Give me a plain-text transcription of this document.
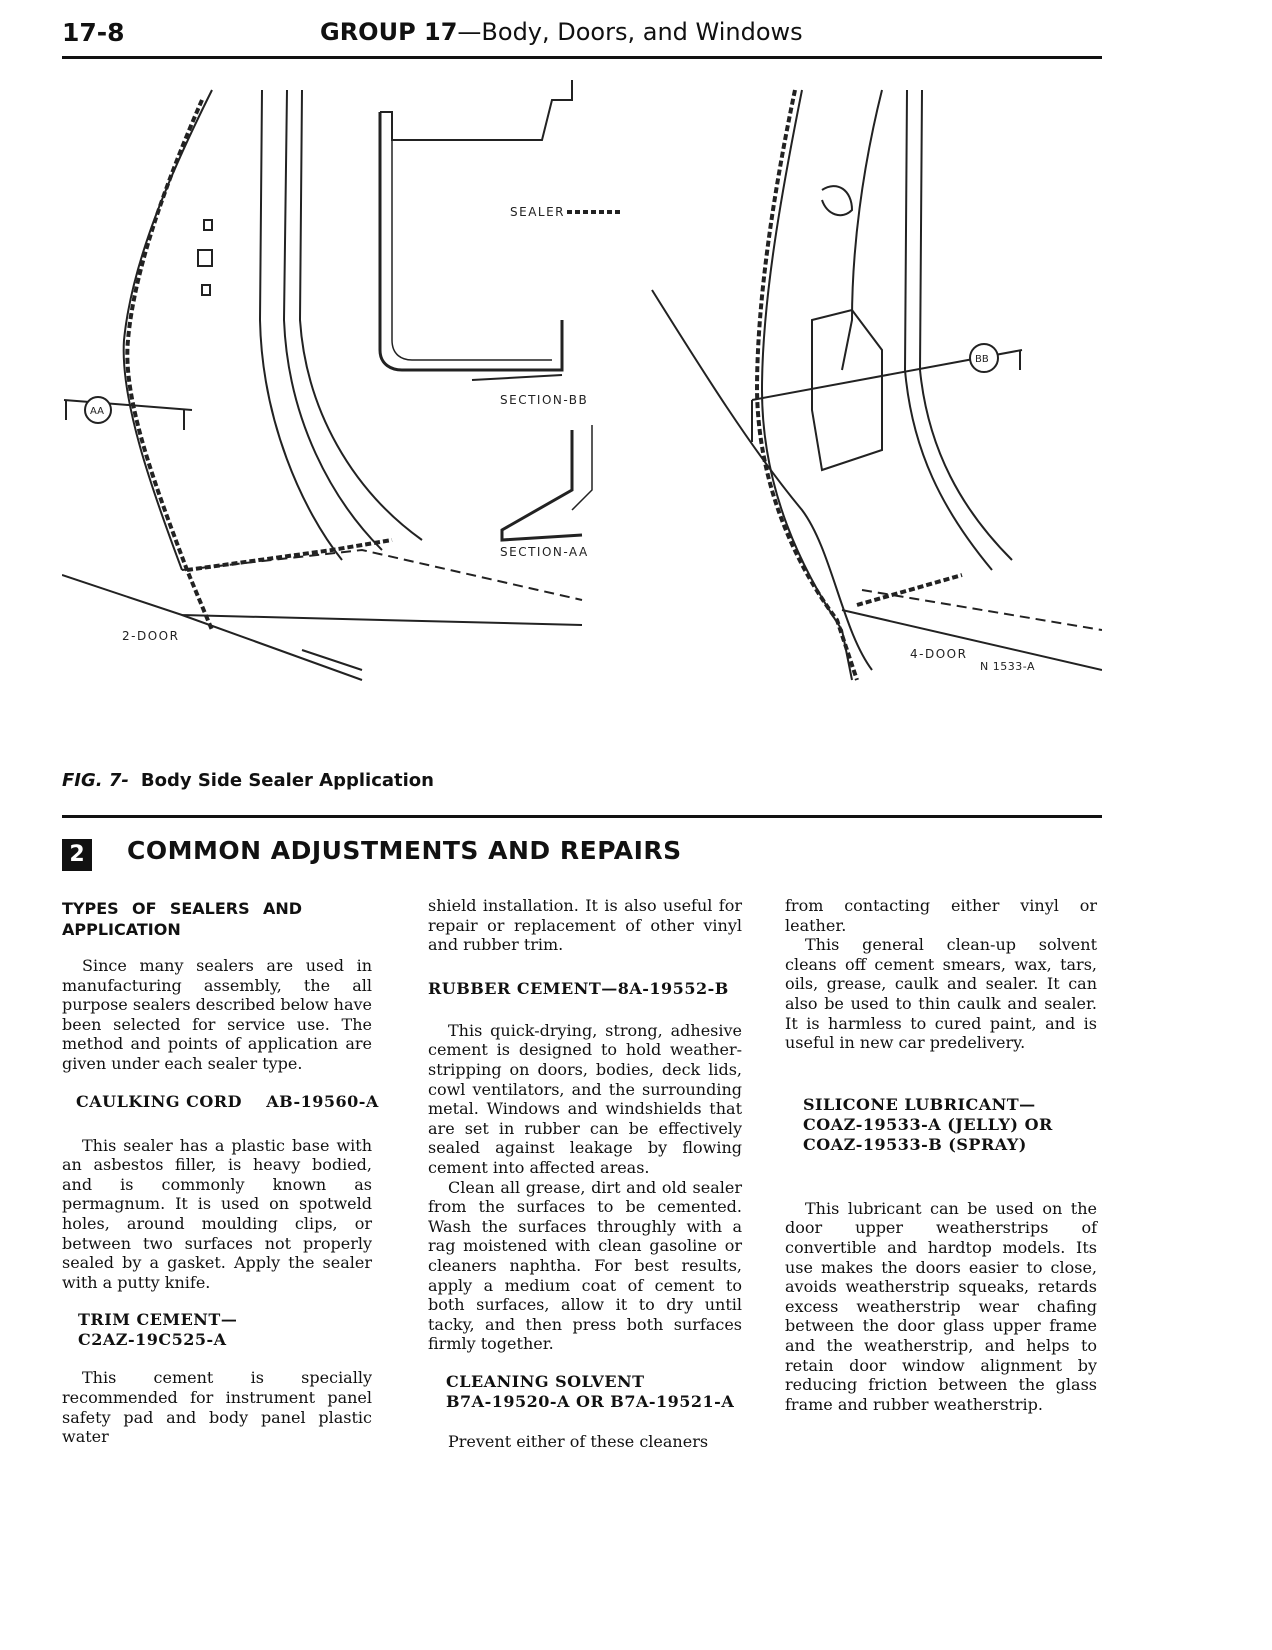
17-8	GROUP 17—Body, Doors, and Windows
SEALER
SECTION-BB
SECTION-AA
2-DOOR
4-DOOR
AA
BB
N 1533-A
FIG. 7- Body Side Sealer Application
2 COMMON ADJUSTMENTS AND REPAIRS

TYPES OF SEALERS AND APPLICATION

Since many sealers are used in manufacturing assembly, the all purpose sealers described below have been selected for service use. The method and points of application are given under each sealer type.

CAULKING CORD    AB-19560-A

This sealer has a plastic base with an asbestos filler, is heavy bodied, and is commonly known as permagnum. It is used on spotweld holes, around moulding clips, or between two surfaces not properly sealed by a gasket. Apply the sealer with a putty knife.

TRIM CEMENT—

C2AZ-19C525-A

This cement is specially recommended for instrument panel safety pad and body panel plastic water

shield installation. It is also useful for repair or replacement of other vinyl and rubber trim.

RUBBER CEMENT—8A-19552-B

This quick-drying, strong, adhesive cement is designed to hold weather-stripping on doors, bodies, deck lids, cowl ventilators, and the surrounding metal. Windows and windshields that are set in rubber can be effectively sealed against leakage by flowing cement into affected areas.

Clean all grease, dirt and old sealer from the surfaces to be cemented. Wash the surfaces throughly with a rag moistened with clean gasoline or cleaners naphtha. For best results, apply a medium coat of cement to both surfaces, allow it to dry until tacky, and then press both surfaces firmly together.

CLEANING SOLVENT

B7A-19520-A OR B7A-19521-A

Prevent either of these cleaners

from contacting either vinyl or leather.

This general clean-up solvent cleans off cement smears, wax, tars, oils, grease, caulk and sealer. It can also be used to thin caulk and sealer. It is harmless to cured paint, and is useful in new car predelivery.

SILICONE LUBRICANT—

COAZ-19533-A (JELLY) OR

COAZ-19533-B (SPRAY)

This lubricant can be used on the door upper weatherstrips of convertible and hardtop models. Its use makes the doors easier to close, avoids weatherstrip squeaks, retards excess weatherstrip wear chafing between the door glass upper frame and the weatherstrip, and helps to retain door window alignment by reducing friction between the glass frame and rubber weatherstrip.
